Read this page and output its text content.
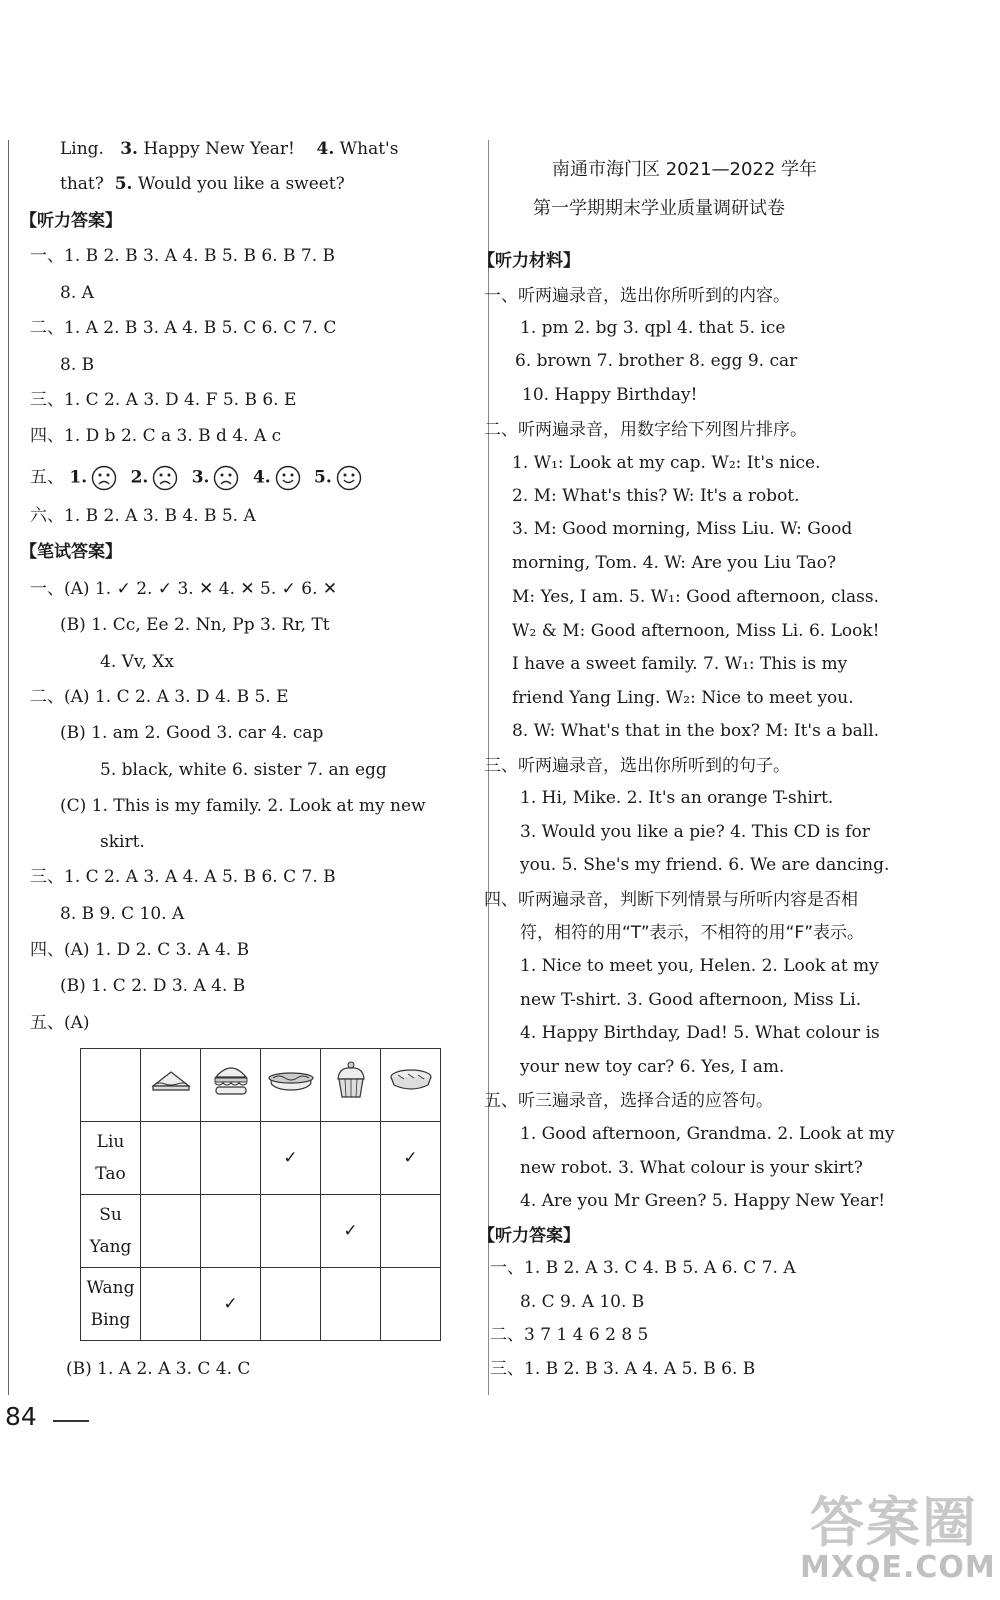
Ling. 3. Happy New Year! 4. What's
that? 5. Would you like a sweet?
【听力答案】
一、1. B 2. B 3. A 4. B 5. B 6. B 7. B
8. A
二、1. A 2. B 3. A 4. B 5. C 6. C 7. C
8. B
三、1. C 2. A 3. D 4. F 5. B 6. E
四、1. D b 2. C a 3. B d 4. A c
五、 1.	2.	3.	4.	5.
六、1. B 2. A 3. B 4. B 5. A
【笔试答案】
一、(A) 1. ✓ 2. ✓ 3. ✕ 4. ✕ 5. ✓ 6. ✕
(B) 1. Cc, Ee 2. Nn, Pp 3. Rr, Tt
4. Vv, Xx
二、(A) 1. C 2. A 3. D 4. B 5. E
(B) 1. am 2. Good 3. car 4. cap
5. black, white 6. sister 7. an egg
(C) 1. This is my family. 2. Look at my new
skirt.
三、1. C 2. A 3. A 4. A 5. B 6. C 7. B
8. B 9. C 10. A
四、(A) 1. D 2. C 3. A 4. B
(B) 1. C 2. D 3. A 4. B
五、(A)

Liu
Tao			✓		✓
Su
Yang				✓	
Wang
Bing		✓			
(B) 1. A 2. A 3. C 4. C
84
南通市海门区 2021—2022 学年
第一学期期末学业质量调研试卷
【听力材料】
一、听两遍录音，选出你所听到的内容。
1. pm 2. bg 3. qpl 4. that 5. ice
6. brown 7. brother 8. egg 9. car
10. Happy Birthday!
二、听两遍录音，用数字给下列图片排序。
1. W₁: Look at my cap. W₂: It's nice.
2. M: What's this? W: It's a robot.
3. M: Good morning, Miss Liu. W: Good
morning, Tom. 4. W: Are you Liu Tao?
M: Yes, I am. 5. W₁: Good afternoon, class.
W₂ & M: Good afternoon, Miss Li. 6. Look!
I have a sweet family. 7. W₁: This is my
friend Yang Ling. W₂: Nice to meet you.
8. W: What's that in the box? M: It's a ball.
三、听两遍录音，选出你所听到的句子。
1. Hi, Mike. 2. It's an orange T-shirt.
3. Would you like a pie? 4. This CD is for
you. 5. She's my friend. 6. We are dancing.
四、听两遍录音，判断下列情景与所听内容是否相
符，相符的用“T”表示，不相符的用“F”表示。
1. Nice to meet you, Helen. 2. Look at my
new T-shirt. 3. Good afternoon, Miss Li.
4. Happy Birthday, Dad! 5. What colour is
your new toy car? 6. Yes, I am.
五、听三遍录音，选择合适的应答句。
1. Good afternoon, Grandma. 2. Look at my
new robot. 3. What colour is your skirt?
4. Are you Mr Green? 5. Happy New Year!
【听力答案】
一、1. B 2. A 3. C 4. B 5. A 6. C 7. A
8. C 9. A 10. B
二、3 7 1 4 6 2 8 5
三、1. B 2. B 3. A 4. A 5. B 6. B
答案圈
MXQE.COM
